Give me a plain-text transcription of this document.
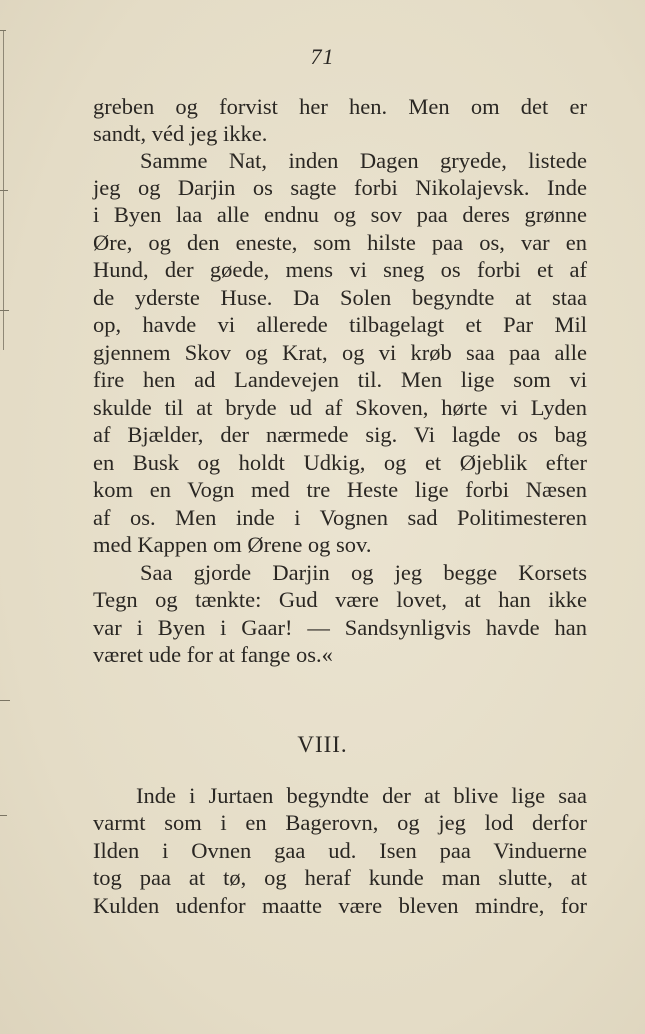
71
greben og forvist her hen. Men om det er
sandt, véd jeg ikke.
Samme Nat, inden Dagen gryede, listede
jeg og Darjin os sagte forbi Nikolajevsk. Inde
i Byen laa alle endnu og sov paa deres grønne
Øre, og den eneste, som hilste paa os, var en
Hund, der gøede, mens vi sneg os forbi et af
de yderste Huse. Da Solen begyndte at staa
op, havde vi allerede tilbagelagt et Par Mil
gjennem Skov og Krat, og vi krøb saa paa alle
fire hen ad Landevejen til. Men lige som vi
skulde til at bryde ud af Skoven, hørte vi Lyden
af Bjælder, der nærmede sig. Vi lagde os bag
en Busk og holdt Udkig, og et Øjeblik efter
kom en Vogn med tre Heste lige forbi Næsen
af os. Men inde i Vognen sad Politimesteren
med Kappen om Ørene og sov.
Saa gjorde Darjin og jeg begge Korsets
Tegn og tænkte: Gud være lovet, at han ikke
var i Byen i Gaar! — Sandsynligvis havde han
været ude for at fange os.«
VIII.
Inde i Jurtaen begyndte der at blive lige saa
varmt som i en Bagerovn, og jeg lod derfor
Ilden i Ovnen gaa ud. Isen paa Vinduerne
tog paa at tø, og heraf kunde man slutte, at
Kulden udenfor maatte være bleven mindre, for
